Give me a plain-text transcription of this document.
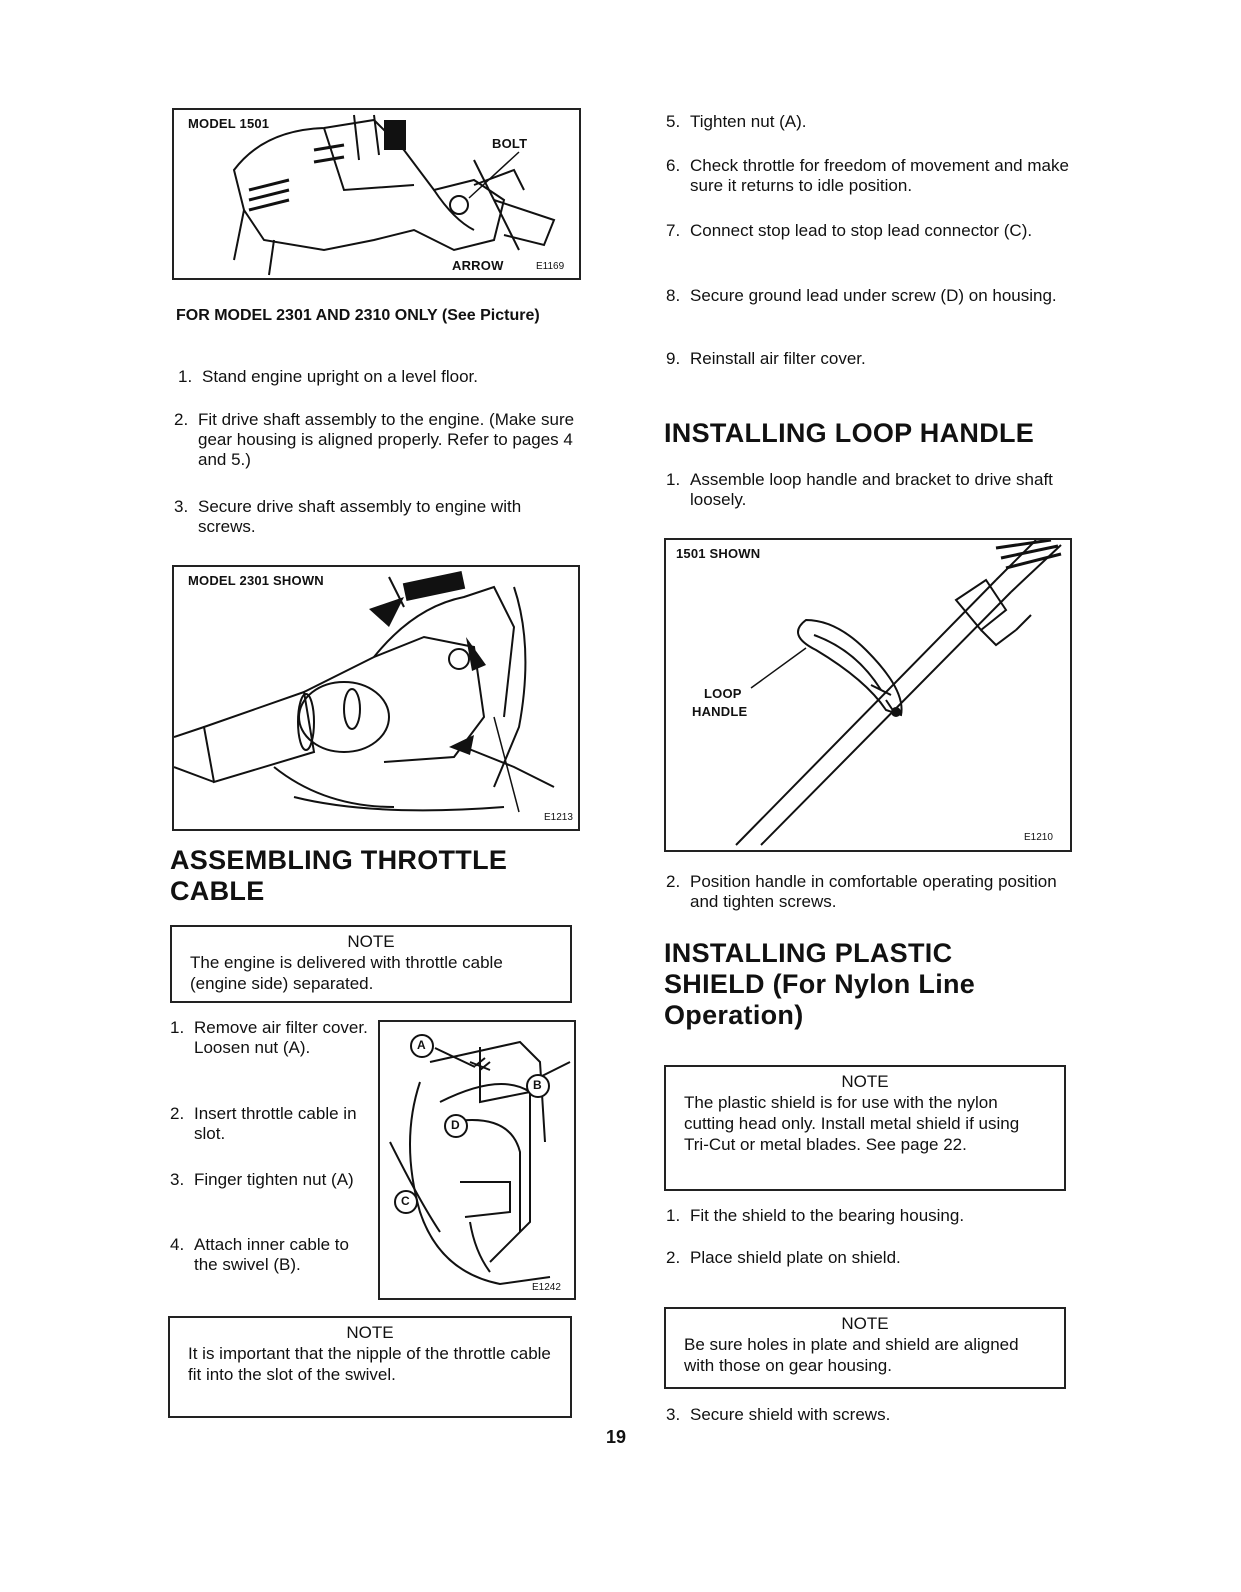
MODEL 1501
BOLT
ARROW	E1169
FOR MODEL 2301 AND 2310 ONLY (See Picture)
1. Stand engine upright on a level floor.
2. Fit drive shaft assembly to the engine. (Make sure gear housing is aligned properly. Refer to pages 4 and 5.)
3. Secure drive shaft assembly to engine with screws.
MODEL 2301 SHOWN
E1213
ASSEMBLING THROTTLE CABLE
NOTE
The engine is delivered with throttle cable (engine side) separated.
1. Remove air filter cover. Loosen nut (A).
2. Insert throttle cable in slot.
3. Finger tighten nut (A)
4. Attach inner cable to the swivel (B).
A
B
D
C
E1242
NOTE
It is important that the nipple of the throttle cable fit into the slot of the swivel.
5. Tighten nut (A).
6. Check throttle for freedom of movement and make sure it returns to idle position.
7. Connect stop lead to stop lead connector (C).
8. Secure ground lead under screw (D) on housing.
9. Reinstall air filter cover.
INSTALLING LOOP HANDLE
1. Assemble loop handle and bracket to drive shaft loosely.
1501 SHOWN
LOOP
HANDLE
E1210
2. Position handle in comfortable operating position and tighten screws.
INSTALLING PLASTIC SHIELD (For Nylon Line Operation)
NOTE
The plastic shield is for use with the nylon cutting head only. Install metal shield if using Tri-Cut or metal blades. See page 22.
1. Fit the shield to the bearing housing.
2. Place shield plate on shield.
NOTE
Be sure holes in plate and shield are aligned with those on gear housing.
3. Secure shield with screws.
19
